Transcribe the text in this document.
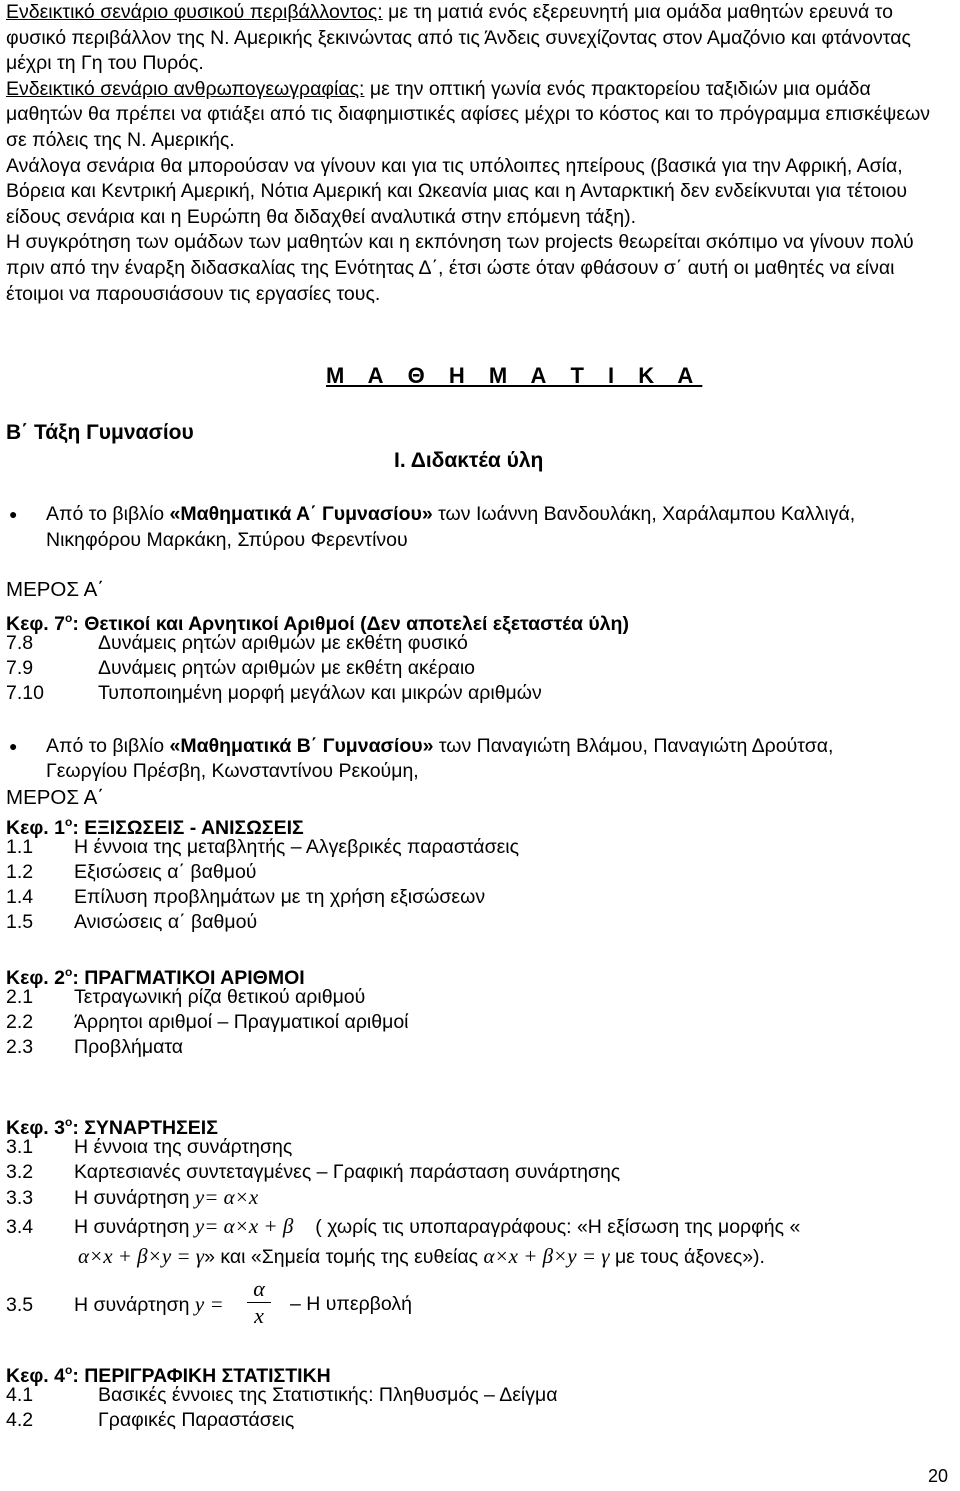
Ενδεικτικό σενάριο φυσικού περιβάλλοντος: με τη ματιά ενός εξερευνητή μια ομάδα μαθητών ερευνά το φυσικό περιβάλλον της Ν. Αμερικής ξεκινώντας από τις Άνδεις συνεχίζοντας στον Αμαζόνιο και φτάνοντας μέχρι τη Γη του Πυρός.

Ενδεικτικό σενάριο ανθρωπογεωγραφίας: με την οπτική γωνία ενός πρακτορείου ταξιδιών μια ομάδα μαθητών θα πρέπει να φτιάξει από τις διαφημιστικές αφίσες μέχρι το κόστος και το πρόγραμμα επισκέψεων σε πόλεις της Ν. Αμερικής.

Ανάλογα σενάρια θα μπορούσαν να γίνουν και για τις υπόλοιπες ηπείρους (βασικά για την Αφρική, Ασία, Βόρεια και Κεντρική Αμερική, Νότια Αμερική και Ωκεανία μιας και η Ανταρκτική δεν ενδείκνυται για τέτοιου είδους σενάρια και η Ευρώπη θα διδαχθεί αναλυτικά στην επόμενη τάξη).

Η συγκρότηση των ομάδων των μαθητών και η εκπόνηση των projects θεωρείται σκόπιμο να γίνουν πολύ πριν από την έναρξη διδασκαλίας της Ενότητας Δ΄, έτσι ώστε όταν φθάσουν σ΄ αυτή οι μαθητές να είναι έτοιμοι να παρουσιάσουν τις εργασίες τους.

Μ Α Θ Η Μ Α Τ Ι Κ Α
Β΄ Τάξη Γυμνασίου
Ι. Διδακτέα ύλη
● Από το βιβλίο «Μαθηματικά Α΄ Γυμνασίου» των Ιωάννη Βανδουλάκη, Χαράλαμπου Καλλιγά,
Νικηφόρου Μαρκάκη, Σπύρου Φερεντίνου
ΜΕΡΟΣ Α΄
Κεφ. $7^o$: Θετικοί και Αρνητικοί Αριθμοί (Δεν αποτελεί εξεταστέα ύλη)
7.8	Δυνάμεις ρητών αριθμών με εκθέτη φυσικό
7.9	Δυνάμεις ρητών αριθμών με εκθέτη ακέραιο
7.10	Τυποποιημένη μορφή μεγάλων και μικρών αριθμών
● Από το βιβλίο «Μαθηματικά Β΄ Γυμνασίου» των Παναγιώτη Βλάμου, Παναγιώτη Δρούτσα,
Γεωργίου Πρέσβη, Κωνσταντίνου Ρεκούμη,
ΜΕΡΟΣ Α΄
Κεφ. $1^o$: ΕΞΙΣΩΣΕΙΣ - ΑΝΙΣΩΣΕΙΣ
1.1 Η έννοια της μεταβλητής – Αλγεβρικές παραστάσεις
1.2 Εξισώσεις α΄ βαθμού
1.4 Επίλυση προβλημάτων με τη χρήση εξισώσεων
1.5 Ανισώσεις α΄ βαθμού
Κεφ. $2^o$: ΠΡΑΓΜΑΤΙΚΟΙ ΑΡΙΘΜΟΙ
2.1 Τετραγωνική ρίζα θετικού αριθμού
2.2 Άρρητοι αριθμοί – Πραγματικοί αριθμοί
2.3 Προβλήματα
Κεφ. $3^o$: ΣΥΝΑΡΤΗΣΕΙΣ
3.1 Η έννοια της συνάρτησης
3.2 Καρτεσιανές συντεταγμένες – Γραφική παράσταση συνάρτησης
3.3 Η συνάρτηση y= α×x
3.4 Η συνάρτηση y= α×x + β ( χωρίς τις υποπαραγράφους: «Η εξίσωση της μορφής «
α×x + β×y = γ» και «Σημεία τομής της ευθείας α×x + β×y = γ με τους άξονες»).
3.5 Η συνάρτηση y =
α
x	– Η υπερβολή
Κεφ. $4^o$: ΠΕΡΙΓΡΑΦΙΚΗ ΣΤΑΤΙΣΤΙΚΗ
4.1	Βασικές έννοιες της Στατιστικής: Πληθυσμός – Δείγμα
4.2	Γραφικές Παραστάσεις
20
